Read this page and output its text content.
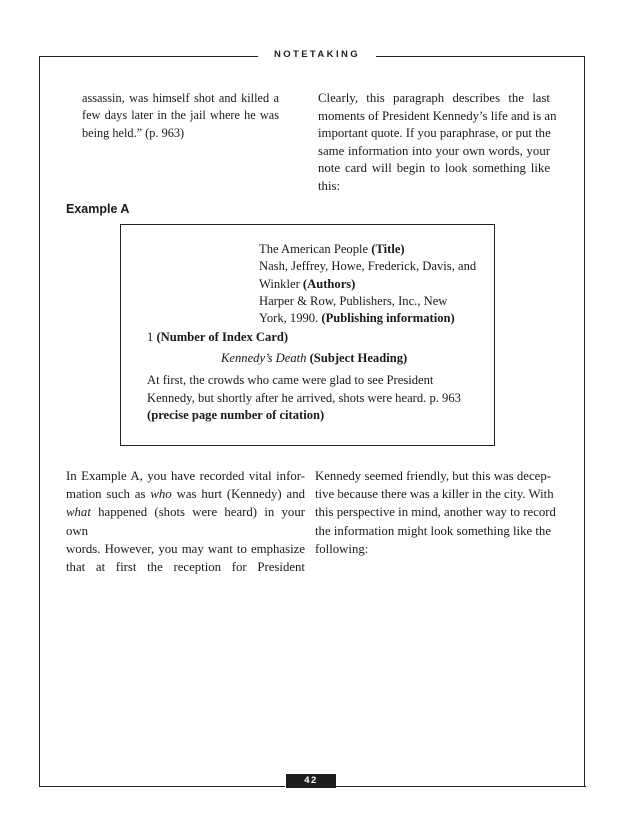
NOTETAKING
assassin, was himself shot and killed a
few days later in the jail where he was
being held.” (p. 963)
Clearly, this paragraph describes the last
moments of President Kennedy’s life and is an
important quote. If you paraphrase, or put the
same information into your own words, your
note card will begin to look something like
this:
Example A
The American People (Title)
Nash, Jeffrey, Howe, Frederick, Davis, and
Winkler (Authors)
Harper & Row, Publishers, Inc., New
York, 1990. (Publishing information)
1 (Number of Index Card)
Kennedy’s Death (Subject Heading)
At first, the crowds who came were glad to see President
Kennedy, but shortly after he arrived, shots were heard. p. 963
(precise page number of citation)
In Example A, you have recorded vital infor-
mation such as who was hurt (Kennedy) and
what happened (shots were heard) in your own
words. However, you may want to emphasize
that at first the reception for President
Kennedy seemed friendly, but this was decep-
tive because there was a killer in the city. With
this perspective in mind, another way to record
the information might look something like the
following:
42
